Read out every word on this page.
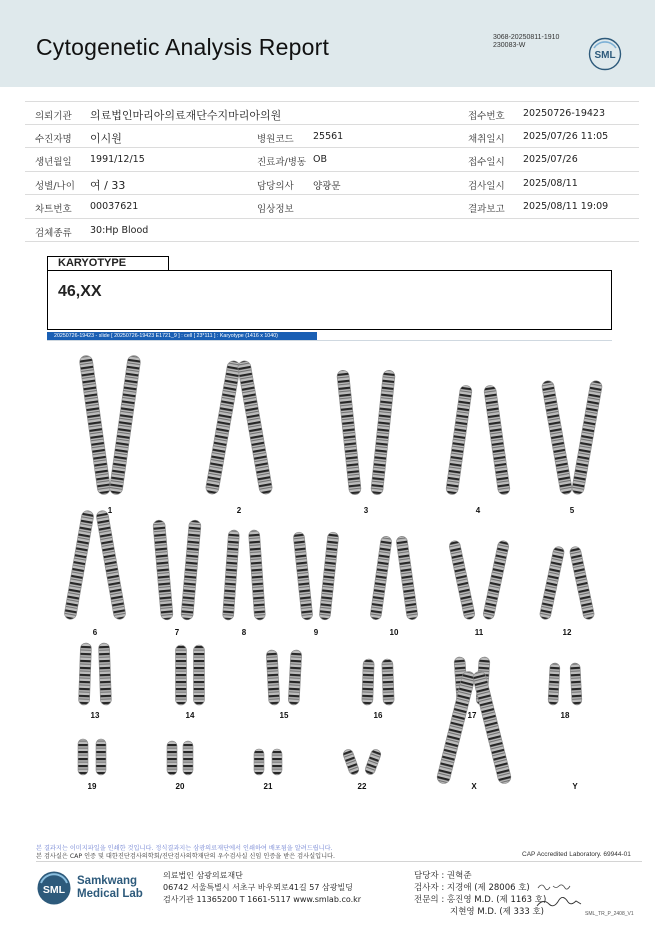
Cytogenetic Analysis Report	3068-20250811-1910
230083-W
SML
의뢰기관 의료법인마리아의료재단수지마리아의원	접수번호 20250726-19423
수진자명 이시원	병원코드 25561	채취일시 2025/07/26 11:05
생년월일 1991/12/15	진료과/병동 OB	접수일시 2025/07/26
성별/나이 여 / 33	담당의사 양광문	검사일시 2025/08/11
차트번호 00037621	임상정보	결과보고 2025/08/11 19:09
검체종류 30:Hp Blood
KARYOTYPE
46,XX
20250726-19423 - slide [ 20250726-19423 E1721_9 ] : cell [ 23*111 ] : Karyotype (1416 x 1040)
1	2	3	4	5
6	7	8	9	10	11	12
13	14	15	16	17	18
19	20	21	22	X	Y
본 결과지는 이미지파일을 인쇄한 것입니다. 정식결과지는 삼광의료재단에서 인쇄하여 배포됨을 알려드립니다.
본 검사실은 CAP 인증 및 대한진단검사의학회/진단검사의학재단의 우수검사실 신임 인증을 받은 검사실입니다.	CAP Accredited Laboratory. 69944-01
SML
Samkwang
Medical Lab
의료법인 삼광의료재단
06742 서울특별시 서초구 바우뫼로41길 57 삼광빌딩
검사기관 11365200 T 1661-5117 www.smlab.co.kr
담당자 : 권혁준
검사자 : 지경애 (제 28006 호)
전문의 : 홍진영 M.D. (제 1163 호)
지현영 M.D. (제 333 호)	SML_TR_P_2408_V1
